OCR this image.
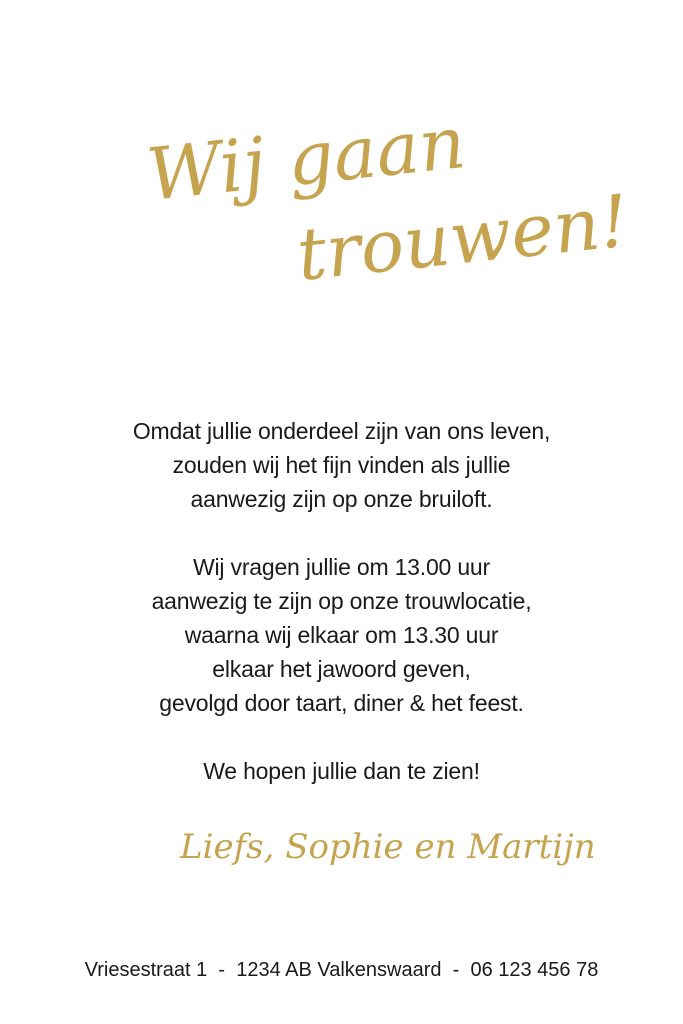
Wij gaan
trouwen!

Omdat jullie onderdeel zijn van ons leven,

zouden wij het fijn vinden als jullie

aanwezig zijn op onze bruiloft.

Wij vragen jullie om 13.00 uur

aanwezig te zijn op onze trouwlocatie,

waarna wij elkaar om 13.30 uur

elkaar het jawoord geven,

gevolgd door taart, diner & het feest.

We hopen jullie dan te zien!

Liefs, Sophie en Martijn
Vriesestraat 1 - 1234 AB Valkenswaard - 06 123 456 78
